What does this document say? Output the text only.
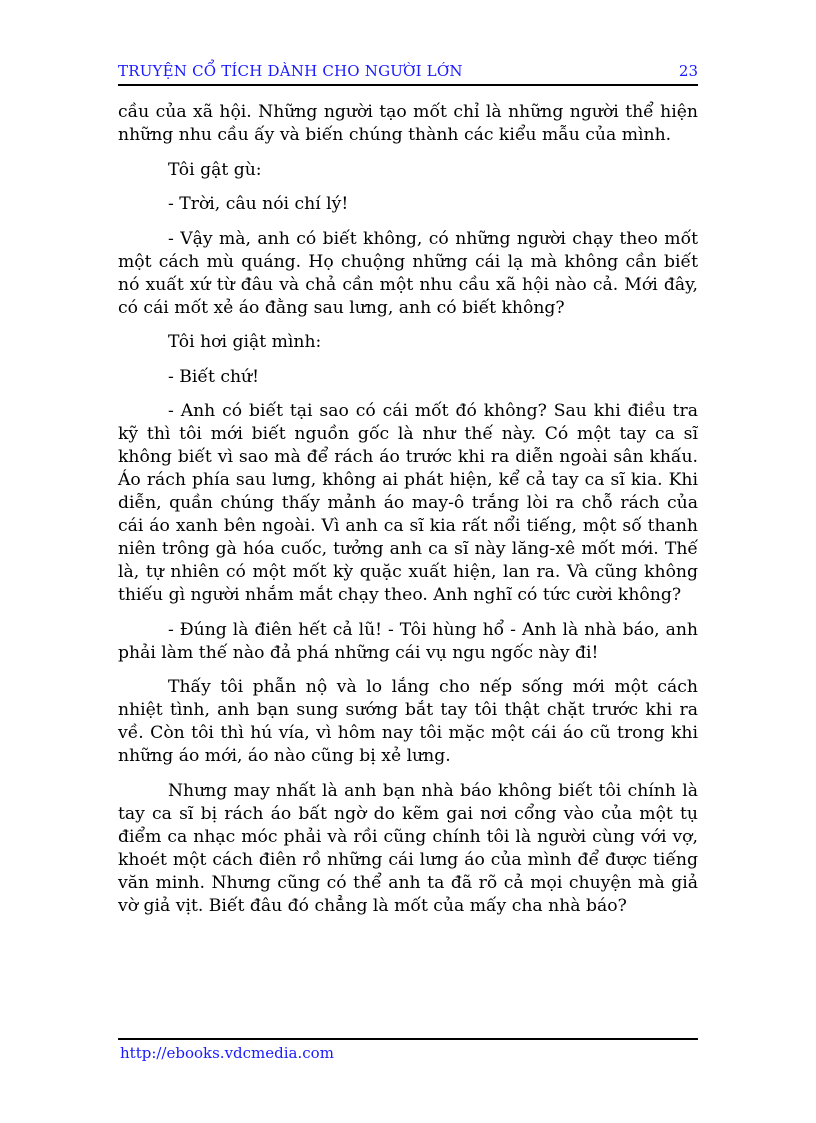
TRUYỆN CỔ TÍCH DÀNH CHO NGƯỜI LỚN	23

cầu của xã hội. Những người tạo mốt chỉ là những người thể hiện những nhu cầu ấy và biến chúng thành các kiểu mẫu của mình.

Tôi gật gù:

- Trời, câu nói chí lý!

- Vậy mà, anh có biết không, có những người chạy theo mốt một cách mù quáng. Họ chuộng những cái lạ mà không cần biết nó xuất xứ từ đâu và chả cần một nhu cầu xã hội nào cả. Mới đây, có cái mốt xẻ áo đằng sau lưng, anh có biết không?

Tôi hơi giật mình:

- Biết chứ!

- Anh có biết tại sao có cái mốt đó không? Sau khi điều tra kỹ thì tôi mới biết nguồn gốc là như thế này. Có một tay ca sĩ không biết vì sao mà để rách áo trước khi ra diễn ngoài sân khấu. Áo rách phía sau lưng, không ai phát hiện, kể cả tay ca sĩ kia. Khi diễn, quần chúng thấy mảnh áo may-ô trắng lòi ra chỗ rách của cái áo xanh bên ngoài. Vì anh ca sĩ kia rất nổi tiếng, một số thanh niên trông gà hóa cuốc, tưởng anh ca sĩ này lăng-xê mốt mới. Thế là, tự nhiên có một mốt kỳ quặc xuất hiện, lan ra. Và cũng không thiếu gì người nhắm mắt chạy theo. Anh nghĩ có tức cười không?

- Đúng là điên hết cả lũ! - Tôi hùng hổ - Anh là nhà báo, anh phải làm thế nào đả phá những cái vụ ngu ngốc này đi!

Thấy tôi phẫn nộ và lo lắng cho nếp sống mới một cách nhiệt tình, anh bạn sung sướng bắt tay tôi thật chặt trước khi ra về. Còn tôi thì hú vía, vì hôm nay tôi mặc một cái áo cũ trong khi những áo mới, áo nào cũng bị xẻ lưng.

Nhưng may nhất là anh bạn nhà báo không biết tôi chính là tay ca sĩ bị rách áo bất ngờ do kẽm gai nơi cổng vào của một tụ điểm ca nhạc móc phải và rồi cũng chính tôi là người cùng với vợ, khoét một cách điên rồ những cái lưng áo của mình để được tiếng văn minh. Nhưng cũng có thể anh ta đã rõ cả mọi chuyện mà giả vờ giả vịt. Biết đâu đó chẳng là mốt của mấy cha nhà báo?

http://ebooks.vdcmedia.com
